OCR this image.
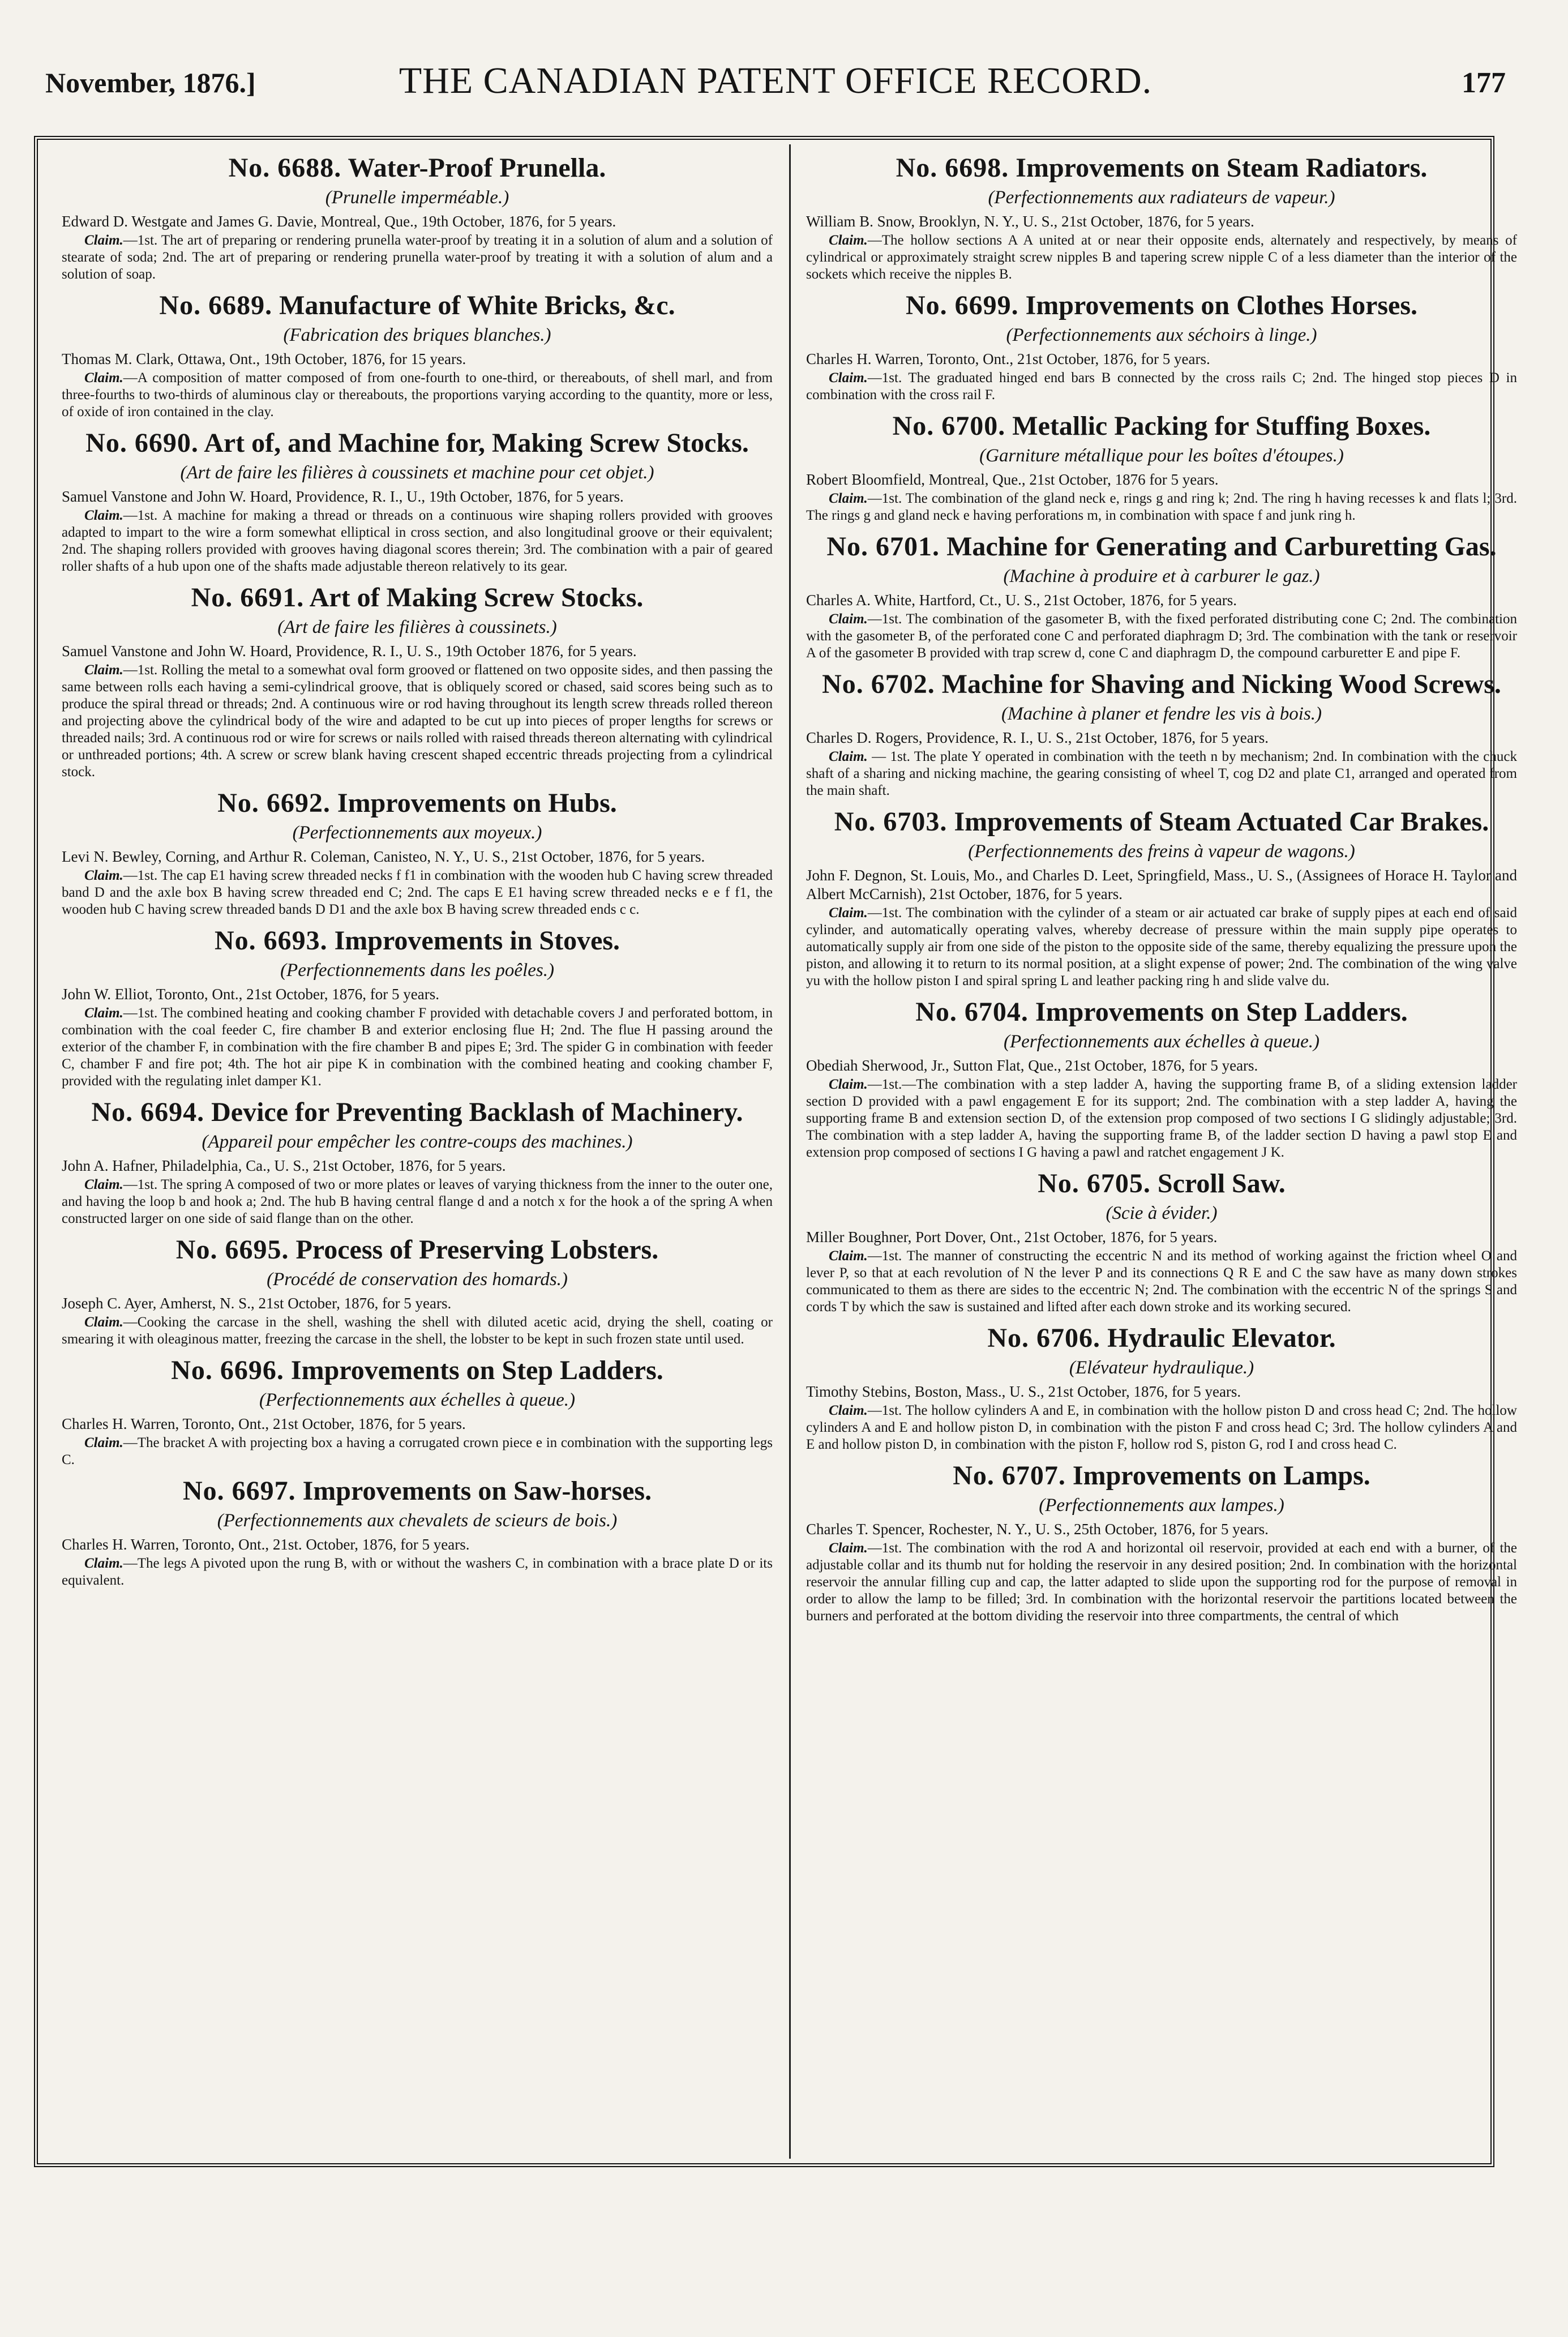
November, 1876.]	THE CANADIAN PATENT OFFICE RECORD.	177
No. 6688. Water-Proof Prunella.
(Prunelle imperméable.)

Edward D. Westgate and James G. Davie, Montreal, Que., 19th October, 1876, for 5 years.

Claim.—1st. The art of preparing or rendering prunella water-proof by treating it in a solution of alum and a solution of stearate of soda; 2nd. The art of preparing or rendering prunella water-proof by treating it with a solution of alum and a solution of soap.

No. 6689. Manufacture of White Bricks, &c.
(Fabrication des briques blanches.)

Thomas M. Clark, Ottawa, Ont., 19th October, 1876, for 15 years.

Claim.—A composition of matter composed of from one-fourth to one-third, or thereabouts, of shell marl, and from three-fourths to two-thirds of aluminous clay or thereabouts, the proportions varying according to the quantity, more or less, of oxide of iron contained in the clay.

No. 6690. Art of, and Machine for, Making Screw Stocks.
(Art de faire les filières à coussinets et machine pour cet objet.)

Samuel Vanstone and John W. Hoard, Providence, R. I., U., 19th October, 1876, for 5 years.

Claim.—1st. A machine for making a thread or threads on a continuous wire shaping rollers provided with grooves adapted to impart to the wire a form somewhat elliptical in cross section, and also longitudinal groove or their equivalent; 2nd. The shaping rollers provided with grooves having diagonal scores therein; 3rd. The combination with a pair of geared roller shafts of a hub upon one of the shafts made adjustable thereon relatively to its gear.

No. 6691. Art of Making Screw Stocks.
(Art de faire les filières à coussinets.)

Samuel Vanstone and John W. Hoard, Providence, R. I., U. S., 19th October 1876, for 5 years.

Claim.—1st. Rolling the metal to a somewhat oval form grooved or flattened on two opposite sides, and then passing the same between rolls each having a semi-cylindrical groove, that is obliquely scored or chased, said scores being such as to produce the spiral thread or threads; 2nd. A continuous wire or rod having throughout its length screw threads rolled thereon and projecting above the cylindrical body of the wire and adapted to be cut up into pieces of proper lengths for screws or threaded nails; 3rd. A continuous rod or wire for screws or nails rolled with raised threads thereon alternating with cylindrical or unthreaded portions; 4th. A screw or screw blank having crescent shaped eccentric threads projecting from a cylindrical stock.

No. 6692. Improvements on Hubs.
(Perfectionnements aux moyeux.)

Levi N. Bewley, Corning, and Arthur R. Coleman, Canisteo, N. Y., U. S., 21st October, 1876, for 5 years.

Claim.—1st. The cap E1 having screw threaded necks f f1 in combination with the wooden hub C having screw threaded band D and the axle box B having screw threaded end C; 2nd. The caps E E1 having screw threaded necks e e f f1, the wooden hub C having screw threaded bands D D1 and the axle box B having screw threaded ends c c.

No. 6693. Improvements in Stoves.
(Perfectionnements dans les poêles.)

John W. Elliot, Toronto, Ont., 21st October, 1876, for 5 years.

Claim.—1st. The combined heating and cooking chamber F provided with detachable covers J and perforated bottom, in combination with the coal feeder C, fire chamber B and exterior enclosing flue H; 2nd. The flue H passing around the exterior of the chamber F, in combination with the fire chamber B and pipes E; 3rd. The spider G in combination with feeder C, chamber F and fire pot; 4th. The hot air pipe K in combination with the combined heating and cooking chamber F, provided with the regulating inlet damper K1.

No. 6694. Device for Preventing Backlash of Machinery.
(Appareil pour empêcher les contre-coups des machines.)

John A. Hafner, Philadelphia, Ca., U. S., 21st October, 1876, for 5 years.

Claim.—1st. The spring A composed of two or more plates or leaves of varying thickness from the inner to the outer one, and having the loop b and hook a; 2nd. The hub B having central flange d and a notch x for the hook a of the spring A when constructed larger on one side of said flange than on the other.

No. 6695. Process of Preserving Lobsters.
(Procédé de conservation des homards.)

Joseph C. Ayer, Amherst, N. S., 21st October, 1876, for 5 years.

Claim.—Cooking the carcase in the shell, washing the shell with diluted acetic acid, drying the shell, coating or smearing it with oleaginous matter, freezing the carcase in the shell, the lobster to be kept in such frozen state until used.

No. 6696. Improvements on Step Ladders.
(Perfectionnements aux échelles à queue.)

Charles H. Warren, Toronto, Ont., 21st October, 1876, for 5 years.

Claim.—The bracket A with projecting box a having a corrugated crown piece e in combination with the supporting legs C.

No. 6697. Improvements on Saw-horses.
(Perfectionnements aux chevalets de scieurs de bois.)

Charles H. Warren, Toronto, Ont., 21st. October, 1876, for 5 years.

Claim.—The legs A pivoted upon the rung B, with or without the washers C, in combination with a brace plate D or its equivalent.

No. 6698. Improvements on Steam Radiators.
(Perfectionnements aux radiateurs de vapeur.)

William B. Snow, Brooklyn, N. Y., U. S., 21st October, 1876, for 5 years.

Claim.—The hollow sections A A united at or near their opposite ends, alternately and respectively, by means of cylindrical or approximately straight screw nipples B and tapering screw nipple C of a less diameter than the interior of the sockets which receive the nipples B.

No. 6699. Improvements on Clothes Horses.
(Perfectionnements aux séchoirs à linge.)

Charles H. Warren, Toronto, Ont., 21st October, 1876, for 5 years.

Claim.—1st. The graduated hinged end bars B connected by the cross rails C; 2nd. The hinged stop pieces D in combination with the cross rail F.

No. 6700. Metallic Packing for Stuffing Boxes.
(Garniture métallique pour les boîtes d'étoupes.)

Robert Bloomfield, Montreal, Que., 21st October, 1876 for 5 years.

Claim.—1st. The combination of the gland neck e, rings g and ring k; 2nd. The ring h having recesses k and flats l; 3rd. The rings g and gland neck e having perforations m, in combination with space f and junk ring h.

No. 6701. Machine for Generating and Carburetting Gas.
(Machine à produire et à carburer le gaz.)

Charles A. White, Hartford, Ct., U. S., 21st October, 1876, for 5 years.

Claim.—1st. The combination of the gasometer B, with the fixed perforated distributing cone C; 2nd. The combination with the gasometer B, of the perforated cone C and perforated diaphragm D; 3rd. The combination with the tank or reservoir A of the gasometer B provided with trap screw d, cone C and diaphragm D, the compound carburetter E and pipe F.

No. 6702. Machine for Shaving and Nicking Wood Screws.
(Machine à planer et fendre les vis à bois.)

Charles D. Rogers, Providence, R. I., U. S., 21st October, 1876, for 5 years.

Claim. — 1st. The plate Y operated in combination with the teeth n by mechanism; 2nd. In combination with the chuck shaft of a sharing and nicking machine, the gearing consisting of wheel T, cog D2 and plate C1, arranged and operated from the main shaft.

No. 6703. Improvements of Steam Actuated Car Brakes.
(Perfectionnements des freins à vapeur de wagons.)

John F. Degnon, St. Louis, Mo., and Charles D. Leet, Springfield, Mass., U. S., (Assignees of Horace H. Taylor and Albert McCarnish), 21st October, 1876, for 5 years.

Claim.—1st. The combination with the cylinder of a steam or air actuated car brake of supply pipes at each end of said cylinder, and automatically operating valves, whereby decrease of pressure within the main supply pipe operates to automatically supply air from one side of the piston to the opposite side of the same, thereby equalizing the pressure upon the piston, and allowing it to return to its normal position, at a slight expense of power; 2nd. The combination of the wing valve yu with the hollow piston I and spiral spring L and leather packing ring h and slide valve du.

No. 6704. Improvements on Step Ladders.
(Perfectionnements aux échelles à queue.)

Obediah Sherwood, Jr., Sutton Flat, Que., 21st October, 1876, for 5 years.

Claim.—1st.—The combination with a step ladder A, having the supporting frame B, of a sliding extension ladder section D provided with a pawl engagement E for its support; 2nd. The combination with a step ladder A, having the supporting frame B and extension section D, of the extension prop composed of two sections I G slidingly adjustable; 3rd. The combination with a step ladder A, having the supporting frame B, of the ladder section D having a pawl stop E and extension prop composed of sections I G having a pawl and ratchet engagement J K.

No. 6705. Scroll Saw.
(Scie à évider.)

Miller Boughner, Port Dover, Ont., 21st October, 1876, for 5 years.

Claim.—1st. The manner of constructing the eccentric N and its method of working against the friction wheel O and lever P, so that at each revolution of N the lever P and its connections Q R E and C the saw have as many down strokes communicated to them as there are sides to the eccentric N; 2nd. The combination with the eccentric N of the springs S and cords T by which the saw is sustained and lifted after each down stroke and its working secured.

No. 6706. Hydraulic Elevator.
(Elévateur hydraulique.)

Timothy Stebins, Boston, Mass., U. S., 21st October, 1876, for 5 years.

Claim.—1st. The hollow cylinders A and E, in combination with the hollow piston D and cross head C; 2nd. The hollow cylinders A and E and hollow piston D, in combination with the piston F and cross head C; 3rd. The hollow cylinders A and E and hollow piston D, in combination with the piston F, hollow rod S, piston G, rod I and cross head C.

No. 6707. Improvements on Lamps.
(Perfectionnements aux lampes.)

Charles T. Spencer, Rochester, N. Y., U. S., 25th October, 1876, for 5 years.

Claim.—1st. The combination with the rod A and horizontal oil reservoir, provided at each end with a burner, of the adjustable collar and its thumb nut for holding the reservoir in any desired position; 2nd. In combination with the horizontal reservoir the annular filling cup and cap, the latter adapted to slide upon the supporting rod for the purpose of removal in order to allow the lamp to be filled; 3rd. In combination with the horizontal reservoir the partitions located between the burners and perforated at the bottom dividing the reservoir into three compartments, the central of which
